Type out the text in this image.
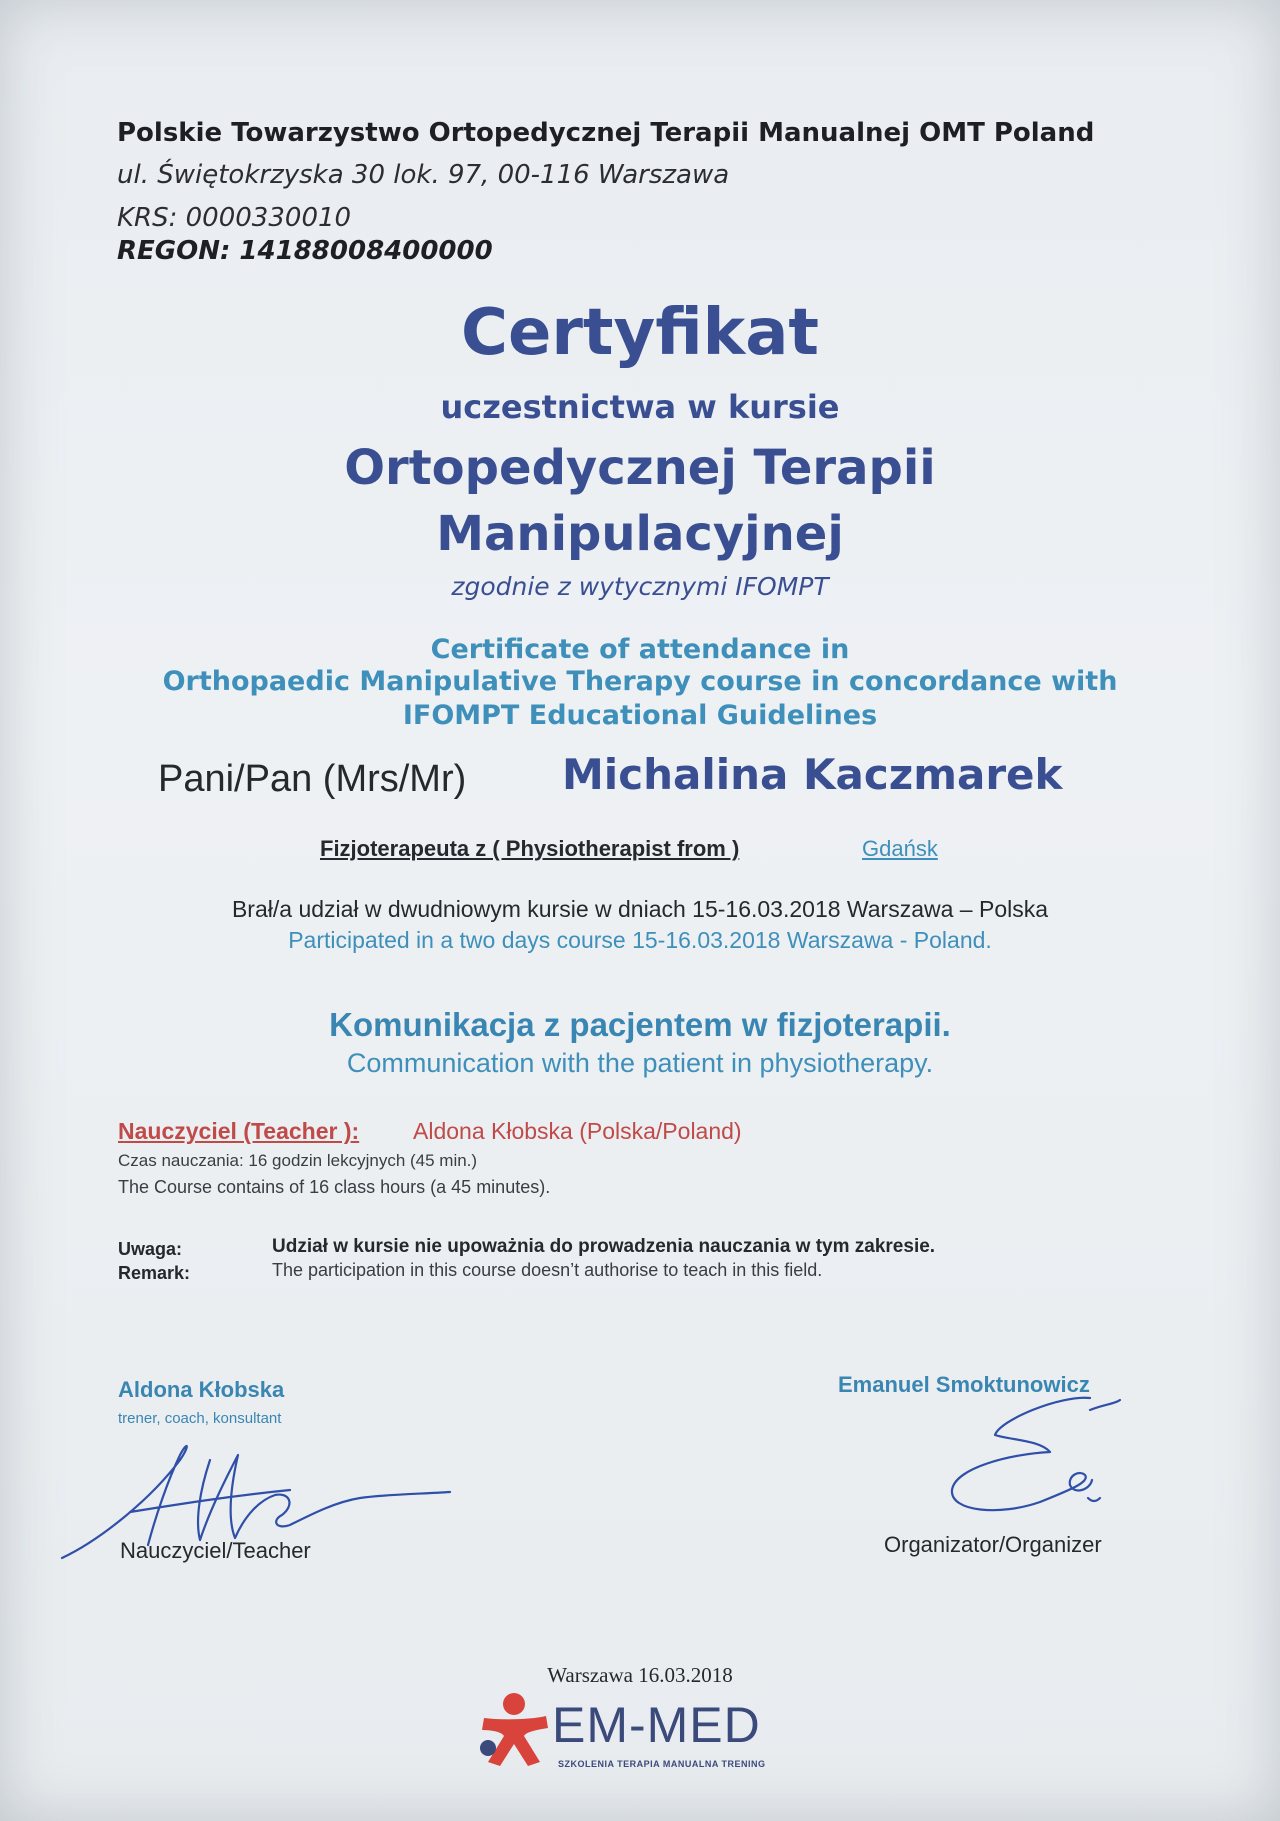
Polskie Towarzystwo Ortopedycznej Terapii Manualnej OMT Poland
ul. Świętokrzyska 30 lok. 97, 00-116 Warszawa
KRS: 0000330010
REGON: 14188008400000
Certyfikat
uczestnictwa w kursie
Ortopedycznej Terapii
Manipulacyjnej
zgodnie z wytycznymi IFOMPT
Certificate of attendance in
Orthopaedic Manipulative Therapy course in concordance with
IFOMPT Educational Guidelines
Pani/Pan (Mrs/Mr) Michalina Kaczmarek
Fizjoterapeuta z ( Physiotherapist from )	Gdańsk
Brał/a udział w dwudniowym kursie w dniach 15-16.03.2018 Warszawa – Polska
Participated in a two days course 15-16.03.2018 Warszawa - Poland.
Komunikacja z pacjentem w fizjoterapii.
Communication with the patient in physiotherapy.
Nauczyciel (Teacher ): Aldona Kłobska (Polska/Poland)
Czas nauczania: 16 godzin lekcyjnych (45 min.)
The Course contains of 16 class hours (a 45 minutes).
Uwaga:
Remark:
Udział w kursie nie upoważnia do prowadzenia nauczania w tym zakresie.
The participation in this course doesn’t authorise to teach in this field.
Aldona Kłobska
trener, coach, konsultant
Nauczyciel/Teacher
Emanuel Smoktunowicz
Organizator/Organizer
Warszawa 16.03.2018
EM-MED
SZKOLENIA TERAPIA MANUALNA TRENING
